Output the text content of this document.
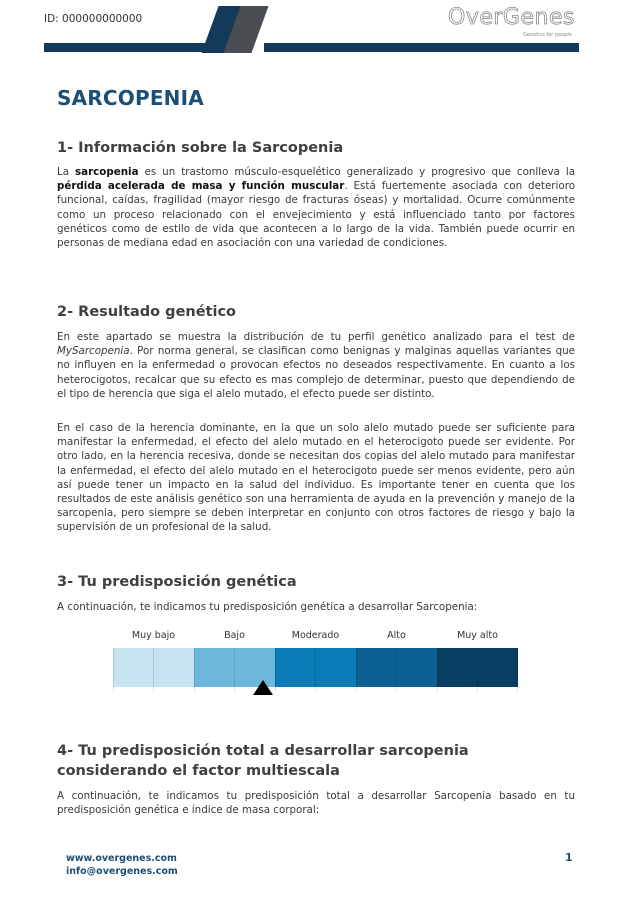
ID: 000000000000	OverGenes
Genetics for people
SARCOPENIA
1- Información sobre la Sarcopenia

La sarcopenia es un trastorno músculo-esquelético generalizado y progresivo que conlleva la pérdida acelerada de masa y función muscular. Está fuertemente asociada con deterioro funcional, caídas, fragilidad (mayor riesgo de fracturas óseas) y mortalidad. Ocurre comúnmente como un proceso relacionado con el envejecimiento y está influenciado tanto por factores genéticos como de estilo de vida que acontecen a lo largo de la vida. También puede ocurrir en personas de mediana edad en asociación con una variedad de condiciones.

2- Resultado genético

En este apartado se muestra la distribución de tu perfil genético analizado para el test de MySarcopenia. Por norma general, se clasifican como benignas y malginas aquellas variantes que no influyen en la enfermedad o provocan efectos no deseados respectivamente. En cuanto a los heterocigotos, recalcar que su efecto es mas complejo de determinar, puesto que dependiendo de el tipo de herencia que siga el alelo mutado, el efecto puede ser distinto.

En el caso de la herencia dominante, en la que un solo alelo mutado puede ser suficiente para manifestar la enfermedad, el efecto del alelo mutado en el heterocigoto puede ser evidente. Por otro lado, en la herencia recesiva, donde se necesitan dos copias del alelo mutado para manifestar la enfermedad, el efecto del alelo mutado en el heterocigoto puede ser menos evidente, pero aún así puede tener un impacto en la salud del individuo. Es importante tener en cuenta que los resultados de este análisis genético son una herramienta de ayuda en la prevención y manejo de la sarcopenia, pero siempre se deben interpretar en conjunto con otros factores de riesgo y bajo la supervisión de un profesional de la salud.

3- Tu predisposición genética

A continuación, te indicamos tu predisposición genética a desarrollar Sarcopenia:

Muy bajo	Bajo	Moderado	Alto	Muy alto
4- Tu predisposición total a desarrollar sarcopenia considerando el factor multiescala

A continuación, te indicamos tu predisposición total a desarrollar Sarcopenia basado en tu predisposición genética e índice de masa corporal:

www.overgenes.com
info@overgenes.com
1
